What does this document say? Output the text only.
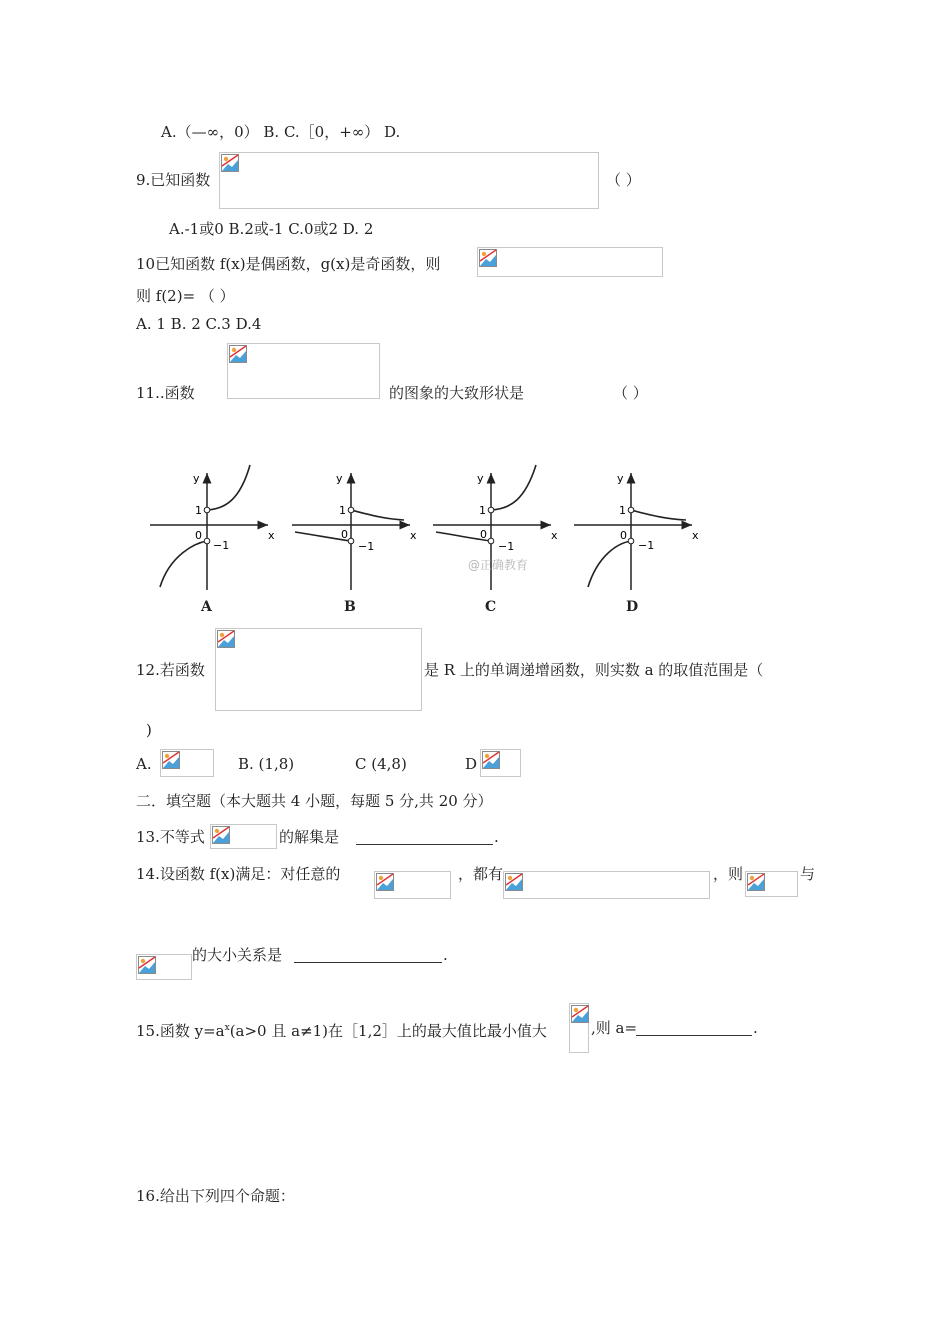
A.（—∞，0） B. C.［0，+∞） D.
9.已知函数	（ ）
A.-1或0 B.2或-1 C.0或2 D. 2
10已知函数 f(x)是偶函数，g(x)是奇函数，则
则 f(2)= （ ）
A. 1 B. 2 C.3 D.4
11..函数	的图象的大致形状是	（ ）
y
x
1
0
−1
y
x
1
0
−1
y
x
1
0
−1
y
x
1
0
−1
@正确教育
A	B	C	D
12.若函数	是 R 上的单调递增函数，则实数 a 的取值范围是（
)
A.	B. (1,8)	C (4,8)	D
二．填空题（本大题共 4 小题，每题 5 分,共 20 分）
13.不等式	的解集是	.
14.设函数 f(x)满足：对任意的	，都有	，则	与
的大小关系是	.
15.函数 $y=a^x(a>0$ 且 a≠1)在［1,2］上的最大值比最小值大	,则 a=	.
16.给出下列四个命题：
